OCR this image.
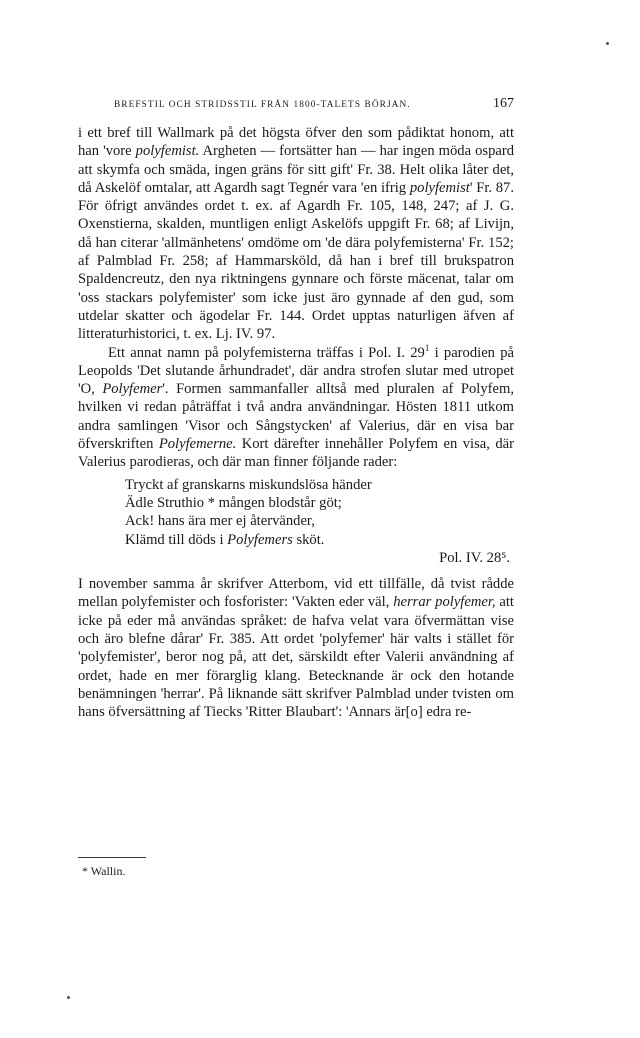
BREFSTIL OCH STRIDSSTIL FRÅN 1800-TALETS BÖRJAN.	167

i ett bref till Wallmark på det högsta öfver den som pådiktat honom, att han 'vore polyfemist. Argheten — fortsätter han — har ingen möda ospard att skymfa och smäda, ingen gräns för sitt gift' Fr. 38. Helt olika låter det, då Askelöf omtalar, att Agardh sagt Tegnér vara 'en ifrig polyfemist' Fr. 87. För öfrigt användes ordet t. ex. af Agardh Fr. 105, 148, 247; af J. G. Oxenstierna, skalden, muntligen enligt Askelöfs uppgift Fr. 68; af Livijn, då han citerar 'allmänhetens' omdöme om 'de dära polyfemisterna' Fr. 152; af Palmblad Fr. 258; af Hammarsköld, då han i bref till brukspatron Spaldencreutz, den nya riktningens gynnare och förste mäcenat, talar om 'oss stackars polyfemister' som icke just äro gynnade af den gud, som utdelar skatter och ägodelar Fr. 144. Ordet upptas naturligen äfven af litteraturhistorici, t. ex. Lj. IV. 97.

Ett annat namn på polyfemisterna träffas i Pol. I. $29^1$ i parodien på Leopolds 'Det slutande århundradet', där andra strofen slutar med utropet 'O, Polyfemer'. Formen sammanfaller alltså med pluralen af Polyfem, hvilken vi redan påträffat i två andra användningar. Hösten 1811 utkom andra samlingen 'Visor och Sångstycken' af Valerius, där en visa bar öfverskriften Polyfemerne. Kort därefter innehåller Polyfem en visa, där Valerius parodieras, och där man finner följande rader:

Tryckt af granskarns miskundslösa händer
Ädle Struthio * mången blodstår göt;
Ack! hans ära mer ej återvänder,
Klämd till döds i Polyfemers sköt.
Pol. IV. 28⁵.

I november samma år skrifver Atterbom, vid ett tillfälle, då tvist rådde mellan polyfemister och fosforister: 'Vakten eder väl, herrar polyfemer, att icke på eder må användas språket: de hafva velat vara öfvermättan vise och äro blefne dårar' Fr. 385. Att ordet 'polyfemer' här valts i stället för 'polyfemister', beror nog på, att det, särskildt efter Valerii användning af ordet, hade en mer förarglig klang. Betecknande är ock den hotande benämningen 'herrar'. På liknande sätt skrifver Palmblad under tvisten om hans öfversättning af Tiecks 'Ritter Blaubart': 'Annars är[o] edra re-

* Wallin.
